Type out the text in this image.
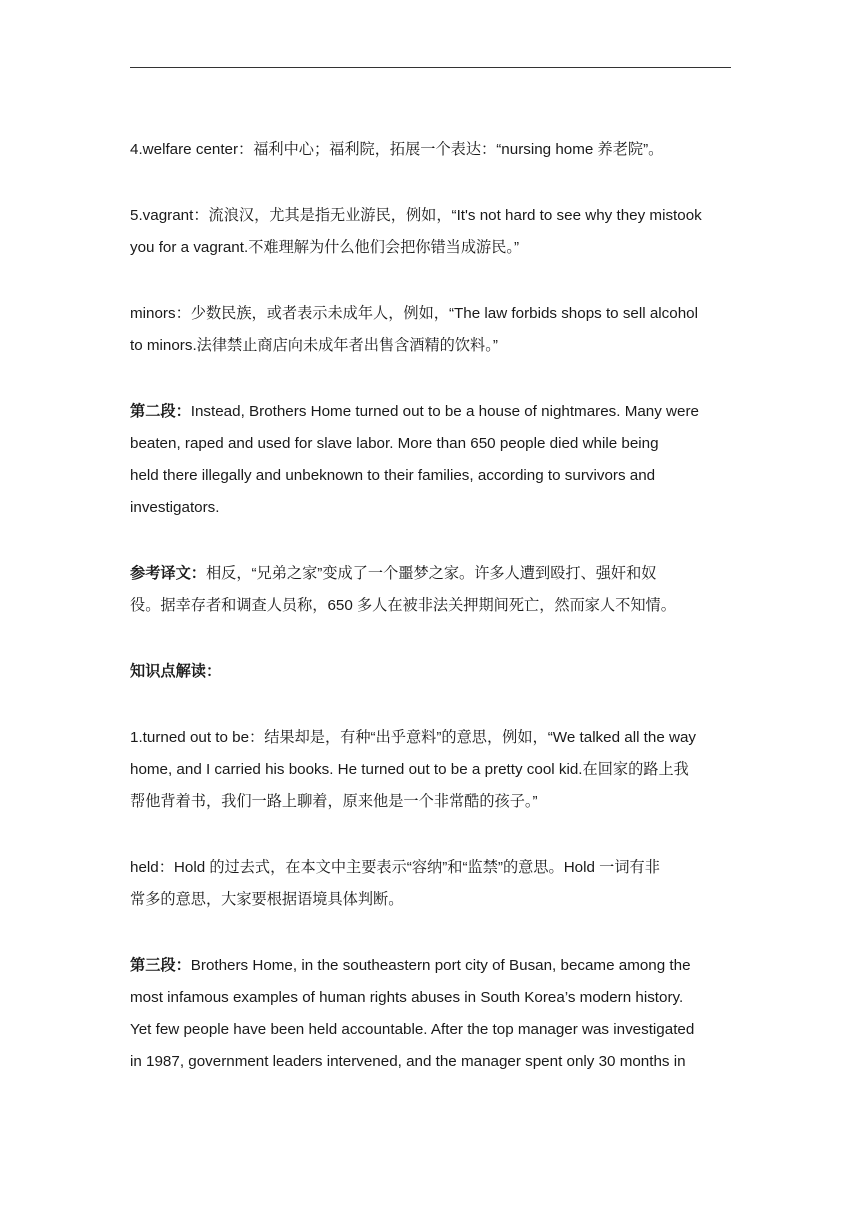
4.welfare center：福利中心；福利院，拓展一个表达：“nursing home 养老院”。
5.vagrant：流浪汉，尤其是指无业游民，例如，“It's not hard to see why they mistook
you for a vagrant.不难理解为什么他们会把你错当成游民。”
minors：少数民族，或者表示未成年人，例如，“The law forbids shops to sell alcohol
to minors.法律禁止商店向未成年者出售含酒精的饮料。”
第二段：Instead, Brothers Home turned out to be a house of nightmares. Many were
beaten, raped and used for slave labor. More than 650 people died while being
held there illegally and unbeknown to their families, according to survivors and
investigators.
参考译文：相反，“兄弟之家”变成了一个噩梦之家。许多人遭到殴打、强奸和奴
役。据幸存者和调查人员称，650 多人在被非法关押期间死亡，然而家人不知情。
知识点解读：
1.turned out to be：结果却是，有种“出乎意料”的意思，例如，“We talked all the way
home, and I carried his books. He turned out to be a pretty cool kid.在回家的路上我
帮他背着书，我们一路上聊着，原来他是一个非常酷的孩子。”
held：Hold 的过去式，在本文中主要表示“容纳”和“监禁”的意思。Hold 一词有非
常多的意思，大家要根据语境具体判断。
第三段：Brothers Home, in the southeastern port city of Busan, became among the
most infamous examples of human rights abuses in South Korea’s modern history.
Yet few people have been held accountable. After the top manager was investigated
in 1987, government leaders intervened, and the manager spent only 30 months in
